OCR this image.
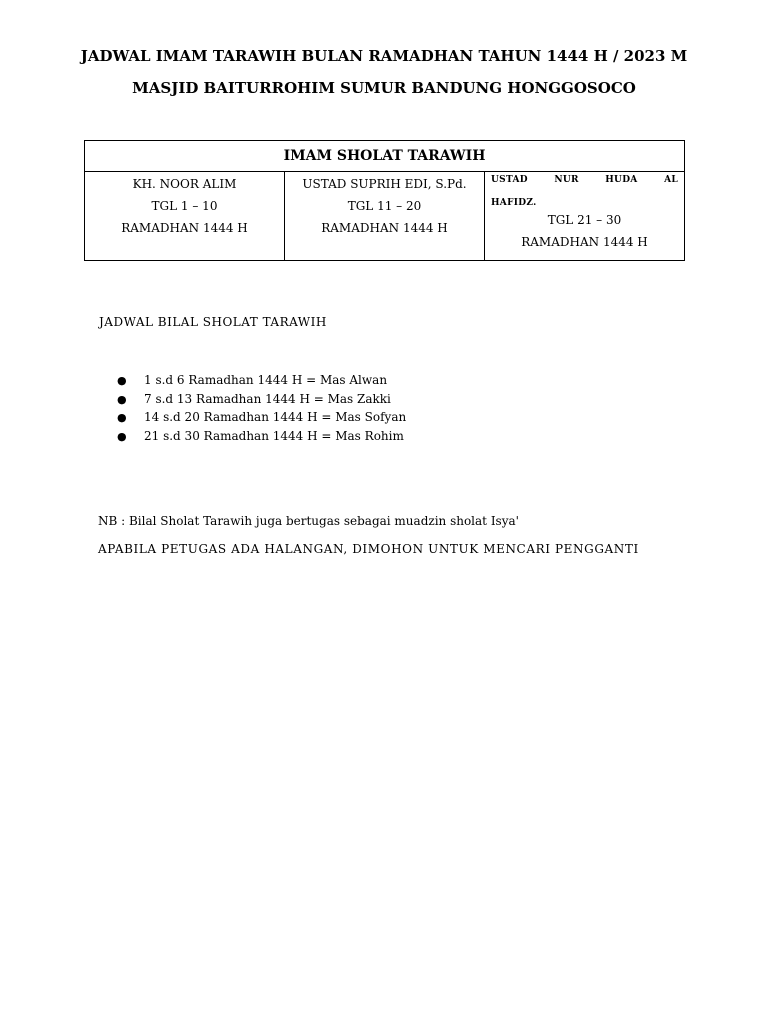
JADWAL IMAM TARAWIH BULAN RAMADHAN TAHUN 1444 H / 2023 M
MASJID BAITURROHIM SUMUR BANDUNG HONGGOSOCO
IMAM SHOLAT TARAWIH

KH. NOOR ALIM
TGL 1 – 10
RAMADHAN 1444 H

USTAD SUPRIH EDI, S.Pd.
TGL 11 – 20
RAMADHAN 1444 H

USTAD	NUR	HUDA	AL
HAFIDZ.
TGL 21 – 30
RAMADHAN 1444 H
JADWAL BILAL SHOLAT TARAWIH
● 1 s.d 6 Ramadhan 1444 H = Mas Alwan
● 7 s.d 13 Ramadhan 1444 H = Mas Zakki
● 14 s.d 20 Ramadhan 1444 H = Mas Sofyan
● 21 s.d 30 Ramadhan 1444 H = Mas Rohim
NB : Bilal Sholat Tarawih juga bertugas sebagai muadzin sholat Isya'
APABILA PETUGAS ADA HALANGAN, DIMOHON UNTUK MENCARI PENGGANTI
